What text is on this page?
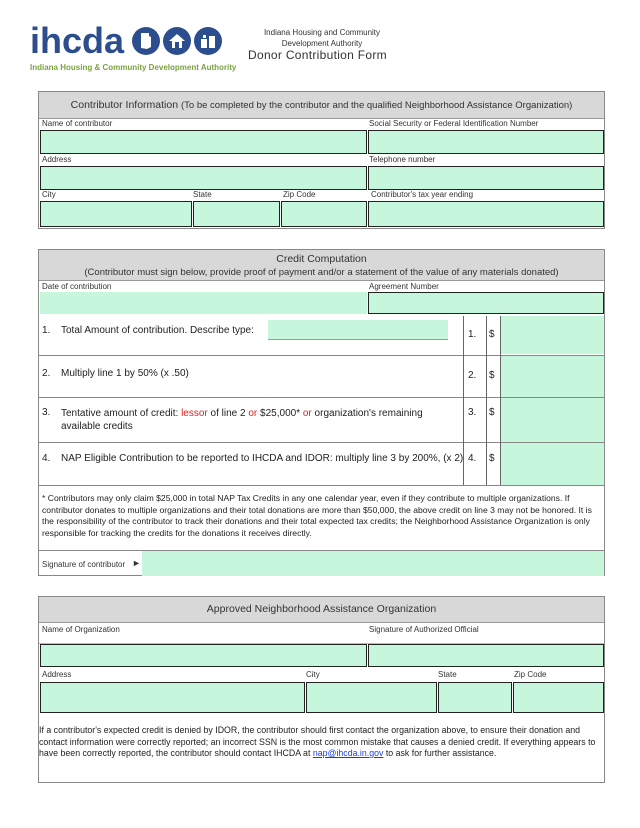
ihcda
Indiana Housing & Community Development Authority
Indiana Housing and Community
Development Authority
Donor Contribution Form
Contributor Information (To be completed by the contributor and the qualified Neighborhood Assistance Organization)
Name of contributor	Social Security or Federal Identification Number
Address	Telephone number
City	State	Zip Code	Contributor's tax year ending
Credit Computation
(Contributor must sign below, provide proof of payment and/or a statement of the value of any materials donated)
Date of contribution	Agreement Number
1. Total Amount of contribution. Describe type:	1. $
2. Multiply line 1 by 50% (x .50)	2. $
3. Tentative amount of credit: lessor of line 2 or $25,000* or organization's remaining available credits
3. $
4. NAP Eligible Contribution to be reported to IHCDA and IDOR: multiply line 3 by 200%, (x 2) 4. $
* Contributors may only claim $25,000 in total NAP Tax Credits in any one calendar year, even if they contribute to multiple organizations. If contributor donates to multiple organizations and their total donations are more than $50,000, the above credit on line 3 may not be honored. It is the responsibility of the contributor to track their donations and their total expected tax credits; the Neighborhood Assistance Organization is only responsible for tracking the credits for the donations it receives directly.
Signature of contributor ►
Approved Neighborhood Assistance Organization
Name of Organization	Signature of Authorized Official
Address	City	State	Zip Code
If a contributor's expected credit is denied by IDOR, the contributor should first contact the organization above, to ensure their donation and contact information were correctly reported; an incorrect SSN is the most common mistake that causes a denied credit. If everything appears to have been correctly reported, the contributor should contact IHCDA at nap@ihcda.in.gov to ask for further assistance.
